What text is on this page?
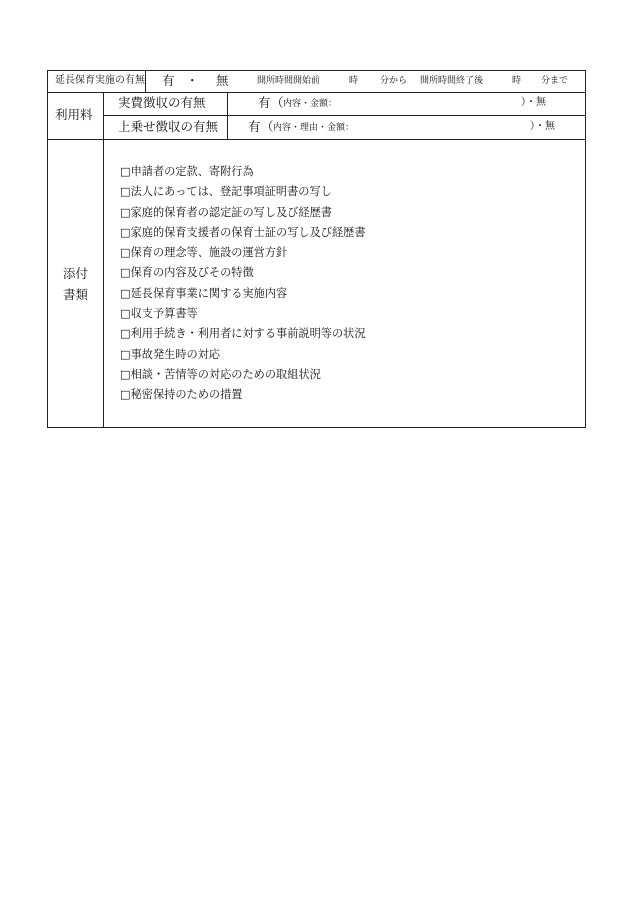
延長保育実施の有無 有 ・ 無	開所時間開始前	時 分から 開所時間終了後	時 分まで
利用料
実費徴収の有無	有 （ 内容・金額：	）・無
上乗せ徴収の有無 有 （ 内容・理由・金額：	）・無
添付
書類
□申請者の定款、寄附行為
□法人にあっては、登記事項証明書の写し
□家庭的保育者の認定証の写し及び経歴書
□家庭的保育支援者の保育士証の写し及び経歴書
□保育の理念等、施設の運営方針
□保育の内容及びその特徴
□延長保育事業に関する実施内容
□収支予算書等
□利用手続き・利用者に対する事前説明等の状況
□事故発生時の対応
□相談・苦情等の対応のための取組状況
□秘密保持のための措置
